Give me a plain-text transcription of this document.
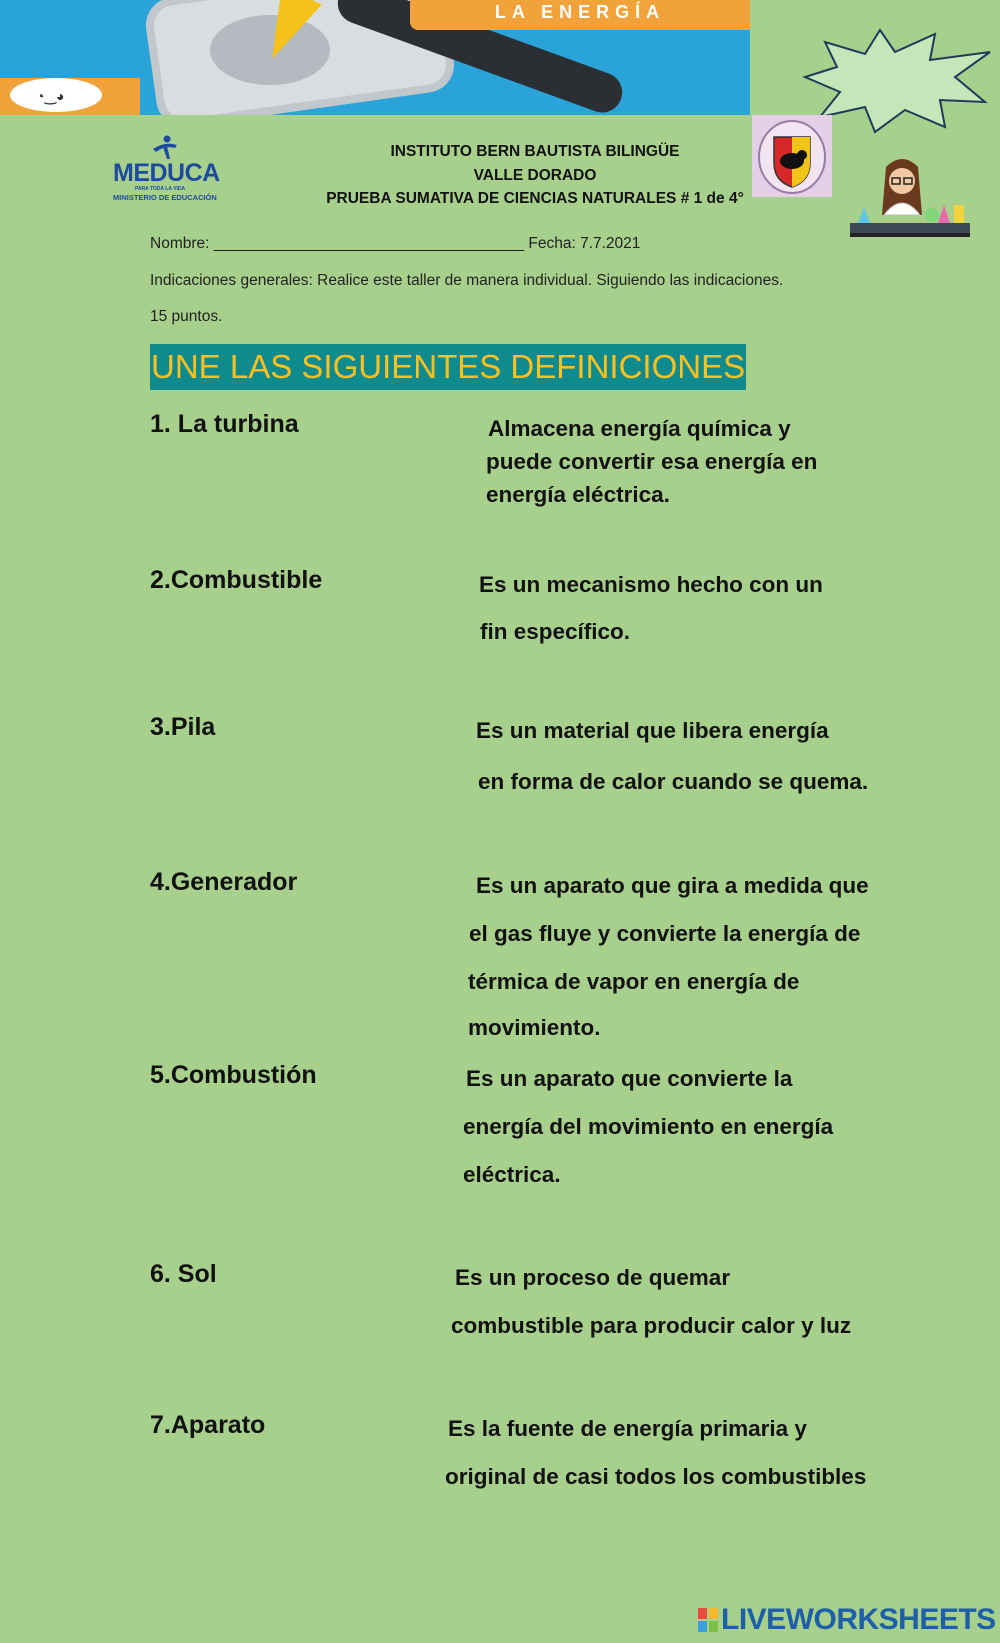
LA ENERGÍA
◔‿◕
MEDUCA
PARA TODA LA VIDA
MINISTERIO DE EDUCACIÓN
INSTITUTO BERN BAUTISTA BILINGÜE
VALLE DORADO
PRUEBA SUMATIVA DE CIENCIAS NATURALES # 1 de 4°
Nombre: ____________________________________ Fecha: 7.7.2021
Indicaciones generales: Realice este taller de manera individual. Siguiendo las indicaciones.
15 puntos.
UNE LAS SIGUIENTES DEFINICIONES
1. La turbina	Almacena energía química y
puede convertir esa energía en
energía eléctrica.
2.Combustible	Es un mecanismo hecho con un
fin específico.
3.Pila	Es un material que libera energía
en forma de calor cuando se quema.
4.Generador	Es un aparato que gira a medida que
el gas fluye y convierte la energía de
térmica de vapor en energía de
movimiento.
5.Combustión	Es un aparato que convierte la
energía del movimiento en energía
eléctrica.
6. Sol	Es un proceso de quemar
combustible para producir calor y luz
7.Aparato	Es la fuente de energía primaria y
original de casi todos los combustibles
LIVEWORKSHEETS
